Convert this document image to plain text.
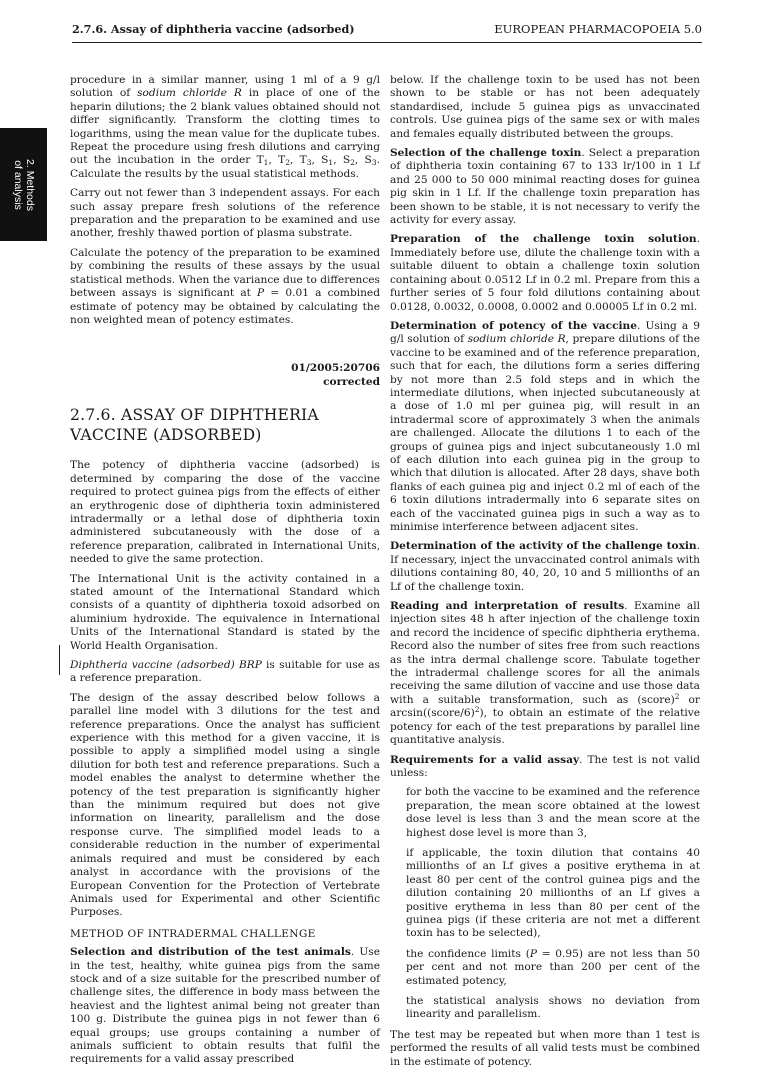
2.7.6. Assay of diphtheria vaccine (adsorbed)	EUROPEAN PHARMACOPOEIA 5.0
2. Methods
of analysis

procedure in a similar manner, using 1 ml of a 9 g/l solution of sodium chloride R in place of one of the heparin dilutions; the 2 blank values obtained should not differ significantly. Transform the clotting times to logarithms, using the mean value for the duplicate tubes. Repeat the procedure using fresh dilutions and carrying out the incubation in the order $T_1$, $T_2$, $T_3$, $S_1$, $S_2$, $S_3$. Calculate the results by the usual statistical methods.

Carry out not fewer than 3 independent assays. For each such assay prepare fresh solutions of the reference preparation and the preparation to be examined and use another, freshly thawed portion of plasma substrate.

Calculate the potency of the preparation to be examined by combining the results of these assays by the usual statistical methods. When the variance due to differences between assays is significant at P = 0.01 a combined estimate of potency may be obtained by calculating the non weighted mean of potency estimates.

01/2005:20706
corrected
2.7.6. ASSAY OF DIPHTHERIA
VACCINE (ADSORBED)

The potency of diphtheria vaccine (adsorbed) is determined by comparing the dose of the vaccine required to protect guinea pigs from the effects of either an erythrogenic dose of diphtheria toxin administered intradermally or a lethal dose of diphtheria toxin administered subcutaneously with the dose of a reference preparation, calibrated in International Units, needed to give the same protection.

The International Unit is the activity contained in a stated amount of the International Standard which consists of a quantity of diphtheria toxoid adsorbed on aluminium hydroxide. The equivalence in International Units of the International Standard is stated by the World Health Organisation.

Diphtheria vaccine (adsorbed) BRP is suitable for use as a reference preparation.

The design of the assay described below follows a parallel line model with 3 dilutions for the test and reference preparations. Once the analyst has sufficient experience with this method for a given vaccine, it is possible to apply a simplified model using a single dilution for both test and reference preparations. Such a model enables the analyst to determine whether the potency of the test preparation is significantly higher than the minimum required but does not give information on linearity, parallelism and the dose response curve. The simplified model leads to a considerable reduction in the number of experimental animals required and must be considered by each analyst in accordance with the provisions of the European Convention for the Protection of Vertebrate Animals used for Experimental and other Scientific Purposes.

METHOD OF INTRADERMAL CHALLENGE

Selection and distribution of the test animals. Use in the test, healthy, white guinea pigs from the same stock and of a size suitable for the prescribed number of challenge sites, the difference in body mass between the heaviest and the lightest animal being not greater than 100 g. Distribute the guinea pigs in not fewer than 6 equal groups; use groups containing a number of animals sufficient to obtain results that fulfil the requirements for a valid assay prescribed

below. If the challenge toxin to be used has not been shown to be stable or has not been adequately standardised, include 5 guinea pigs as unvaccinated controls. Use guinea pigs of the same sex or with males and females equally distributed between the groups.

Selection of the challenge toxin. Select a preparation of diphtheria toxin containing 67 to 133 lr/100 in 1 Lf and 25 000 to 50 000 minimal reacting doses for guinea pig skin in 1 Lf. If the challenge toxin preparation has been shown to be stable, it is not necessary to verify the activity for every assay.

Preparation of the challenge toxin solution. Immediately before use, dilute the challenge toxin with a suitable diluent to obtain a challenge toxin solution containing about 0.0512 Lf in 0.2 ml. Prepare from this a further series of 5 four fold dilutions containing about 0.0128, 0.0032, 0.0008, 0.0002 and 0.00005 Lf in 0.2 ml.

Determination of potency of the vaccine. Using a 9 g/l solution of sodium chloride R, prepare dilutions of the vaccine to be examined and of the reference preparation, such that for each, the dilutions form a series differing by not more than 2.5 fold steps and in which the intermediate dilutions, when injected subcutaneously at a dose of 1.0 ml per guinea pig, will result in an intradermal score of approximately 3 when the animals are challenged. Allocate the dilutions 1 to each of the groups of guinea pigs and inject subcutaneously 1.0 ml of each dilution into each guinea pig in the group to which that dilution is allocated. After 28 days, shave both flanks of each guinea pig and inject 0.2 ml of each of the 6 toxin dilutions intradermally into 6 separate sites on each of the vaccinated guinea pigs in such a way as to minimise interference between adjacent sites.

Determination of the activity of the challenge toxin. If necessary, inject the unvaccinated control animals with dilutions containing 80, 40, 20, 10 and 5 millionths of an Lf of the challenge toxin.

Reading and interpretation of results. Examine all injection sites 48 h after injection of the challenge toxin and record the incidence of specific diphtheria erythema. Record also the number of sites free from such reactions as the intra dermal challenge score. Tabulate together the intradermal challenge scores for all the animals receiving the same dilution of vaccine and use those data with a suitable transformation, such as (score)$^2$ or arcsin((score/6)$^2$), to obtain an estimate of the relative potency for each of the test preparations by parallel line quantitative analysis.

Requirements for a valid assay. The test is not valid unless:

for both the vaccine to be examined and the reference preparation, the mean score obtained at the lowest dose level is less than 3 and the mean score at the highest dose level is more than 3,

if applicable, the toxin dilution that contains 40 millionths of an Lf gives a positive erythema in at least 80 per cent of the control guinea pigs and the dilution containing 20 millionths of an Lf gives a positive erythema in less than 80 per cent of the guinea pigs (if these criteria are not met a different toxin has to be selected),

the confidence limits (P = 0.95) are not less than 50 per cent and not more than 200 per cent of the estimated potency,

the statistical analysis shows no deviation from linearity and parallelism.

The test may be repeated but when more than 1 test is performed the results of all valid tests must be combined in the estimate of potency.
